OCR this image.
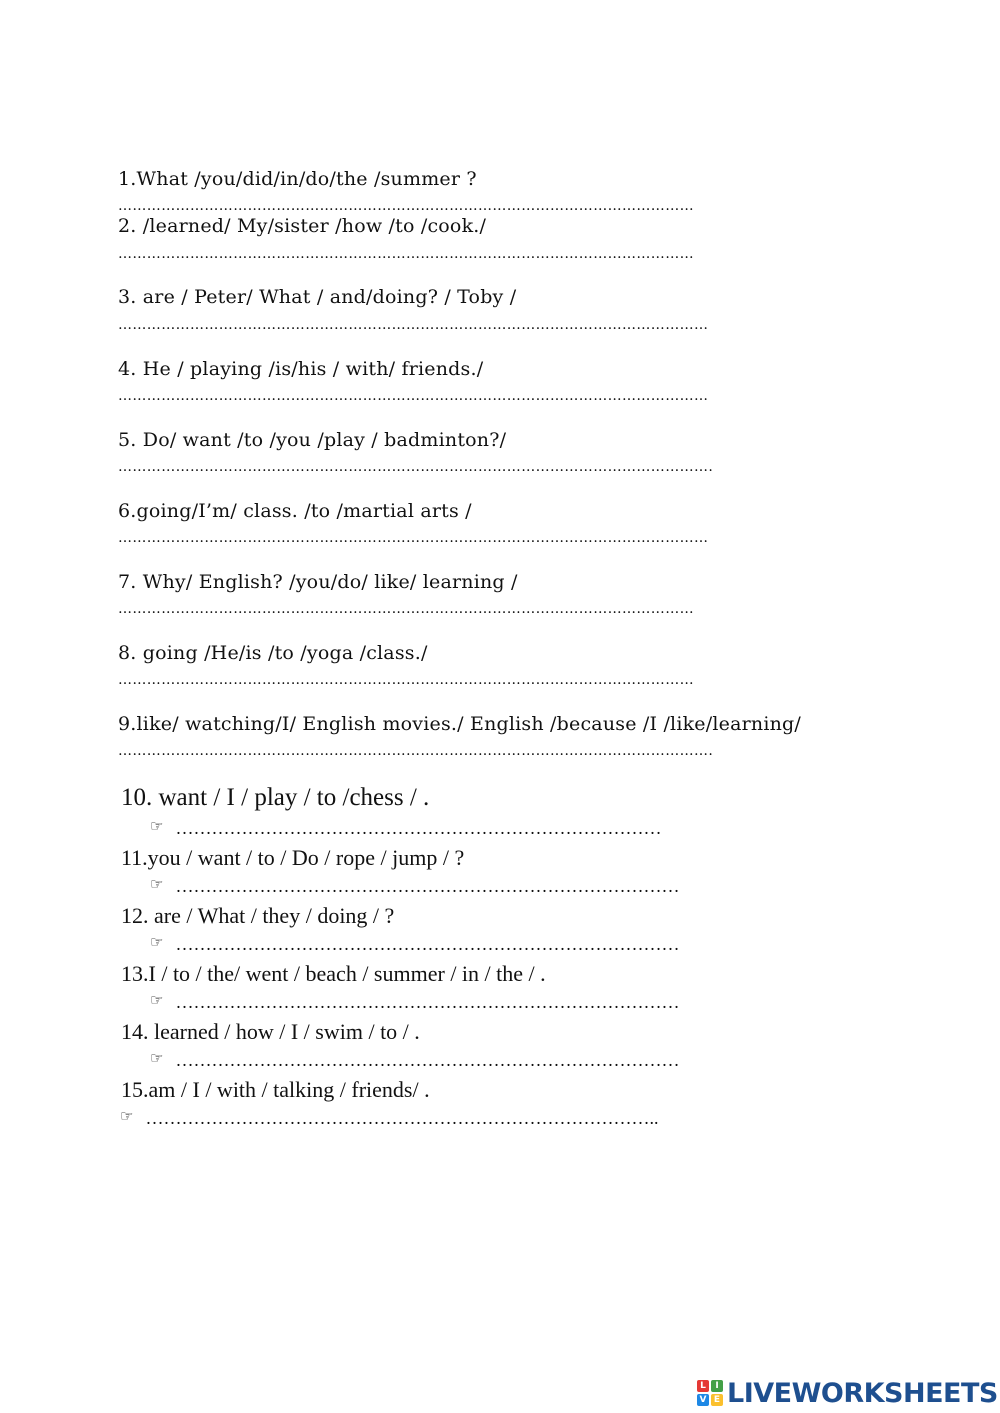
1.What /you/did/in/do/the /summer ?
…………………………………………………………………………………………………………
2. /learned/ My/sister /how /to /cook./
…………………………………………………………………………………………………………
3. are / Peter/ What / and/doing? / Toby /
……………………………………………………………………………………………………………
4. He / playing /is/his / with/ friends./
……………………………………………………………………………………………………………
5. Do/ want /to /you /play / badminton?/
…………………………………………………………………………………………………………….
6.going/I’m/ class. /to /martial arts /
……………………………………………………………………………………………………………
7. Why/ English? /you/do/ like/ learning /
…………………………………………………………………………………………………………
8. going /He/is /to /yoga /class./
…………………………………………………………………………………………………………
9.like/ watching/I/ English movies./ English /because /I /like/learning/
…………………………………………………………………………………………………………….
10. want / I / play / to /chess / .
☞ ………………………………………………………………………
11.you / want / to / Do / rope / jump / ?
☞ …………………………………………………………………………
12. are / What / they / doing / ?
☞ …………………………………………………………………………
13.I / to / the/ went / beach / summer / in / the / .
☞ …………………………………………………………………………
14. learned / how / I / swim / to / .
☞ …………………………………………………………………………
15.am / I / with / talking / friends/ .
☞ …………………………………………………………………………..
L	I
V E LIVEWORKSHEETS
